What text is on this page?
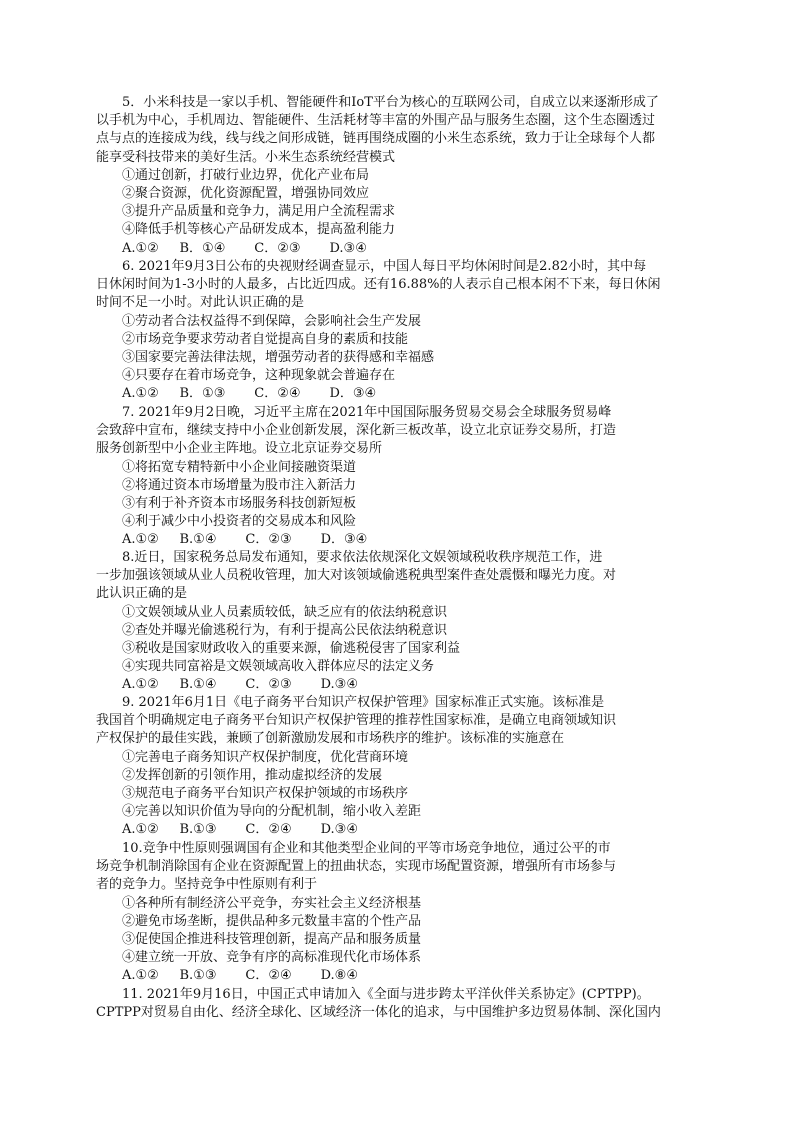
5．小米科技是一家以手机、智能硬件和IoT平台为核心的互联网公司，自成立以来逐渐形成了
以手机为中心，手机周边、智能硬件、生活耗材等丰富的外围产品与服务生态圈，这个生态圈透过
点与点的连接成为线，线与线之间形成链，链再围绕成圈的小米生态系统，致力于让全球每个人都
能享受科技带来的美好生活。小米生态系统经营模式
①通过创新，打破行业边界，优化产业布局
②聚合资源，优化资源配置，增强协同效应
③提升产品质量和竞争力，满足用户全流程需求
④降低手机等核心产品研发成本，提高盈利能力
A.①②     B．①④       C．②③       D.③④
6. 2021年9月3日公布的央视财经调查显示，中国人每日平均休闲时间是2.82小时，其中每
日休闲时间为1-3小时的人最多，占比近四成。还有16.88%的人表示自己根本闲不下来，每日休闲
时间不足一小时。对此认识正确的是
①劳动者合法权益得不到保障，会影响社会生产发展
②市场竞争要求劳动者自觉提高自身的素质和技能
③国家要完善法律法规，增强劳动者的获得感和幸福感
④只要存在着市场竞争，这种现象就会普遍存在
A.①②     B．①③       C．②④       D．③④
7. 2021年9月2日晚，习近平主席在2021年中国国际服务贸易交易会全球服务贸易峰
会致辞中宣布，继续支持中小企业创新发展，深化新三板改革，设立北京证券交易所，打造
服务创新型中小企业主阵地。设立北京证券交易所
①将拓宽专精特新中小企业间接融资渠道
②将通过资本市场增量为股市注入新活力
③有利于补齐资本市场服务科技创新短板
④利于减少中小投资者的交易成本和风险
A.①②     B.①④       C．②③       D．③④
8.近日，国家税务总局发布通知，要求依法依规深化文娱领域税收秩序规范工作，进
一步加强该领域从业人员税收管理，加大对该领域偷逃税典型案件查处震慑和曝光力度。对
此认识正确的是
①文娱领域从业人员素质较低，缺乏应有的依法纳税意识
②查处并曝光偷逃税行为，有利于提高公民依法纳税意识
③税收是国家财政收入的重要来源，偷逃税侵害了国家利益
④实现共同富裕是文娱领域高收入群体应尽的法定义务
A.①②     B.①④       C．②③       D.③④
9. 2021年6月1日《电子商务平台知识产权保护管理》国家标准正式实施。该标准是
我国首个明确规定电子商务平台知识产权保护管理的推荐性国家标准，是确立电商领域知识
产权保护的最佳实践，兼顾了创新激励发展和市场秩序的维护。该标准的实施意在
①完善电子商务知识产权保护制度，优化营商环境
②发挥创新的引领作用，推动虚拟经济的发展
③规范电子商务平台知识产权保护领域的市场秩序
④完善以知识价值为导向的分配机制，缩小收入差距
A.①②     B.①③       C．②④       D.③④
10.竞争中性原则强调国有企业和其他类型企业间的平等市场竞争地位，通过公平的市
场竞争机制消除国有企业在资源配置上的扭曲状态，实现市场配置资源，增强所有市场参与
者的竞争力。坚持竞争中性原则有利于
①各种所有制经济公平竞争，夯实社会主义经济根基
②避免市场垄断，提供品种多元数量丰富的个性产品
③促使国企推进科技管理创新，提高产品和服务质量
④建立统一开放、竞争有序的高标准现代化市场体系
A.①②     B.①③       C．②④       D.⑧④
11. 2021年9月16日，中国正式申请加入《全面与进步跨太平洋伙伴关系协定》(CPTPP)。
CPTPP对贸易自由化、经济全球化、区域经济一体化的追求，与中国维护多边贸易体制、深化国内
